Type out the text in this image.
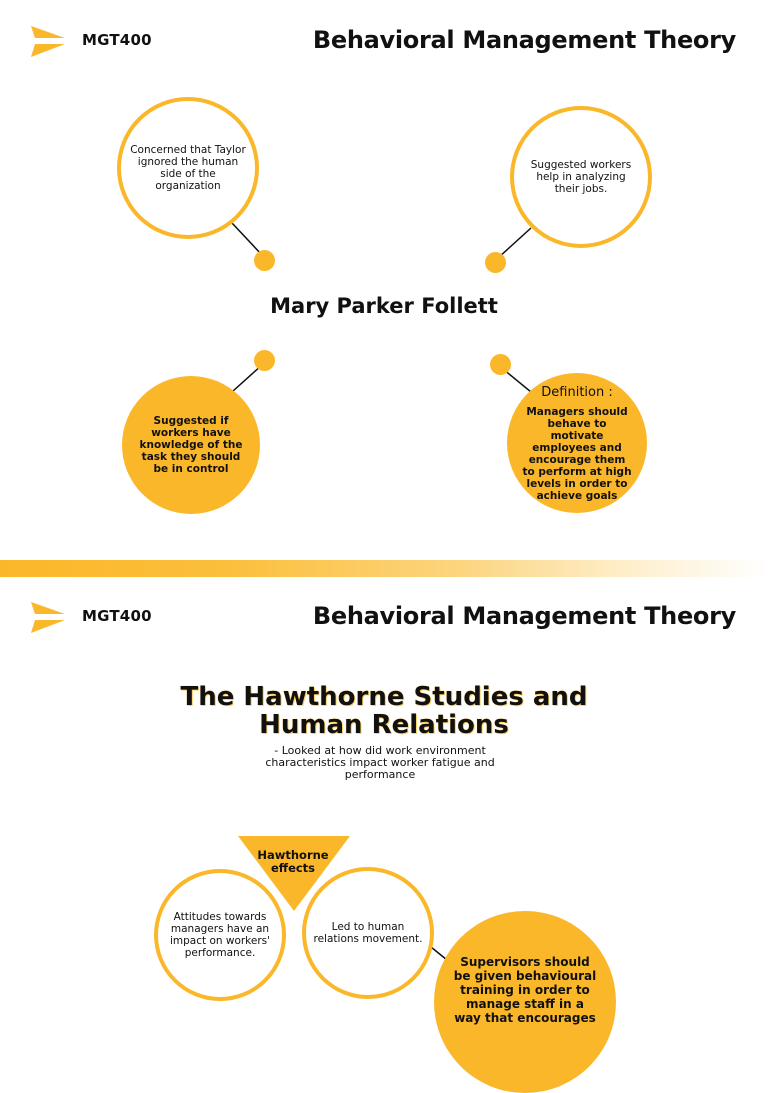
MGT400	Behavioral Management Theory
Concerned that Taylor ignored the human side of the organization
Suggested workers help in analyzing their jobs.
Mary Parker Follett
Suggested if workers have knowledge of the task they should be in control
Definition :
Managers should behave to motivate employees and encourage them to perform at high levels in order to achieve goals
MGT400	Behavioral Management Theory
The Hawthorne Studies and
Human Relations
- Looked at how did work environment characteristics impact worker fatigue and performance
Hawthorne effects
Attitudes towards managers have an impact on workers' performance.
Led to human relations movement.
Supervisors should be given behavioural training in order to manage staff in a way that encourages
